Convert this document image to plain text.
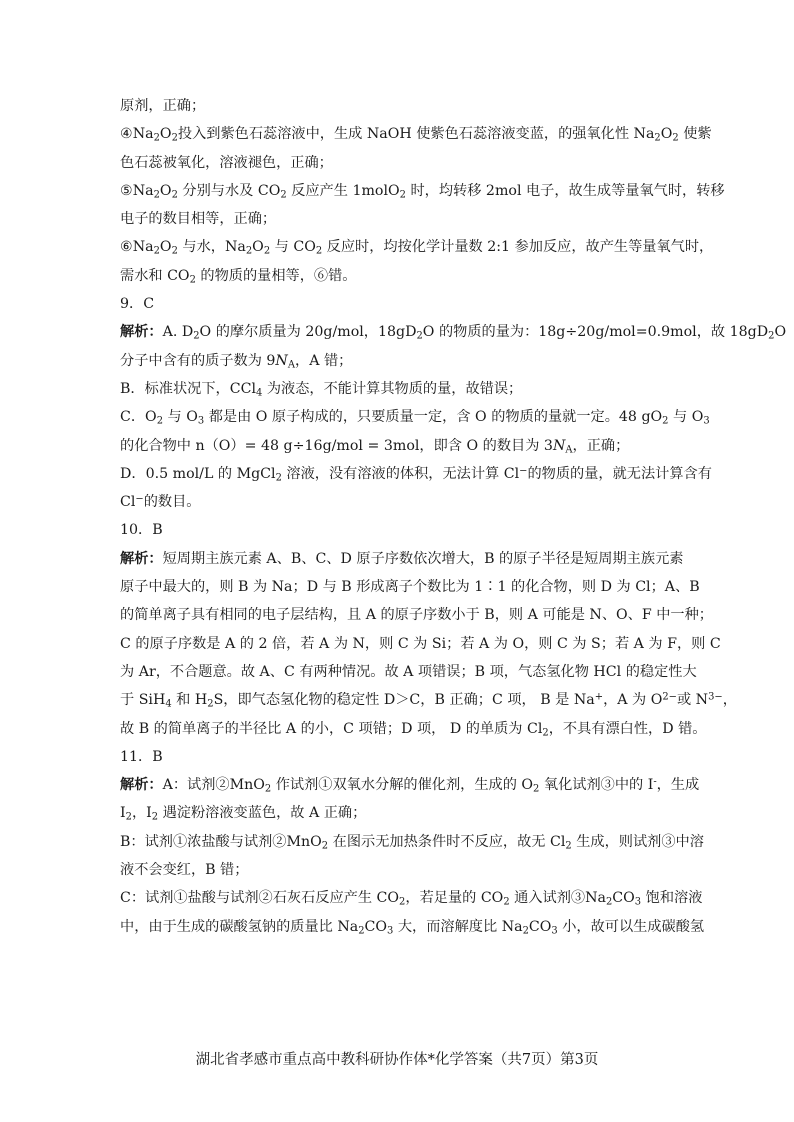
原剂，正确；
$④Na_2O_2$投入到紫色石蕊溶液中，生成 NaOH 使紫色石蕊溶液变蓝，的强氧化性 $Na_2O_2$ 使紫
色石蕊被氧化，溶液褪色，正确；
$⑤Na_2O_2$ 分别与水及 $CO_2$ 反应产生 1molO$_2$ 时，均转移 2mol 电子，故生成等量氧气时，转移
电子的数目相等，正确；
$⑥Na_2O_2$ 与水，$Na_2O_2$ 与 $CO_2$ 反应时，均按化学计量数 2:1 参加反应，故产生等量氧气时，
需水和 $CO_2$ 的物质的量相等，⑥错。
9．C
解析：A. $D_2O$ 的摩尔质量为 20g/mol，$18gD_2O$ 的物质的量为：18g÷20g/mol=0.9mol，故 $18gD_2O$
分子中含有的质子数为 $9N_A$，A 错；
B．标准状况下，CCl$_4$ 为液态，不能计算其物质的量，故错误；
C．$O_2$ 与 $O_3$ 都是由 O 原子构成的，只要质量一定，含 O 的物质的量就一定。48 $gO_2$ 与 $O_3$
的化合物中 n（O）= 48 g÷16g/mol = 3mol，即含 O 的数目为 $3N_A$，正确；
D．0.5 mol/L 的 MgCl$_2$ 溶液，没有溶液的体积，无法计算 Cl−的物质的量，就无法计算含有
Cl−的数目。
10．B
解析：短周期主族元素 A、B、C、D 原子序数依次增大，B 的原子半径是短周期主族元素
原子中最大的，则 B 为 Na；D 与 B 形成离子个数比为 1∶1 的化合物，则 D 为 Cl；A、B
的简单离子具有相同的电子层结构，且 A 的原子序数小于 B，则 A 可能是 N、O、F 中一种；
C 的原子序数是 A 的 2 倍，若 A 为 N，则 C 为 Si；若 A 为 O，则 C 为 S；若 A 为 F，则 C
为 Ar，不合题意。故 A、C 有两种情况。故 A 项错误；B 项，气态氢化物 HCl 的稳定性大
于 SiH$_4$ 和 $H_2S$，即气态氢化物的稳定性 D＞C，B 正确；C 项， B 是 Na+，A 为 $O^{2-}$或 $N^{3-}$，
故 B 的简单离子的半径比 A 的小，C 项错；D 项， D 的单质为 $Cl_2$，不具有漂白性，D 错。
11．B
解析：A：试剂②MnO$_2$ 作试剂①双氧水分解的催化剂，生成的 $O_2$ 氧化试剂③中的 I-，生成
$I_2$，$I_2$ 遇淀粉溶液变蓝色，故 A 正确；
B：试剂①浓盐酸与试剂②MnO$_2$ 在图示无加热条件时不反应，故无 $Cl_2$ 生成，则试剂③中溶
液不会变红，B 错；
C：试剂①盐酸与试剂②石灰石反应产生 $CO_2$，若足量的 $CO_2$ 通入试剂$③Na_2CO_3$ 饱和溶液
中，由于生成的碳酸氢钠的质量比 $Na_2CO_3$ 大，而溶解度比 $Na_2CO_3$ 小，故可以生成碳酸氢
湖北省孝感市重点高中教科研协作体*化学答案（共7页）第3页
